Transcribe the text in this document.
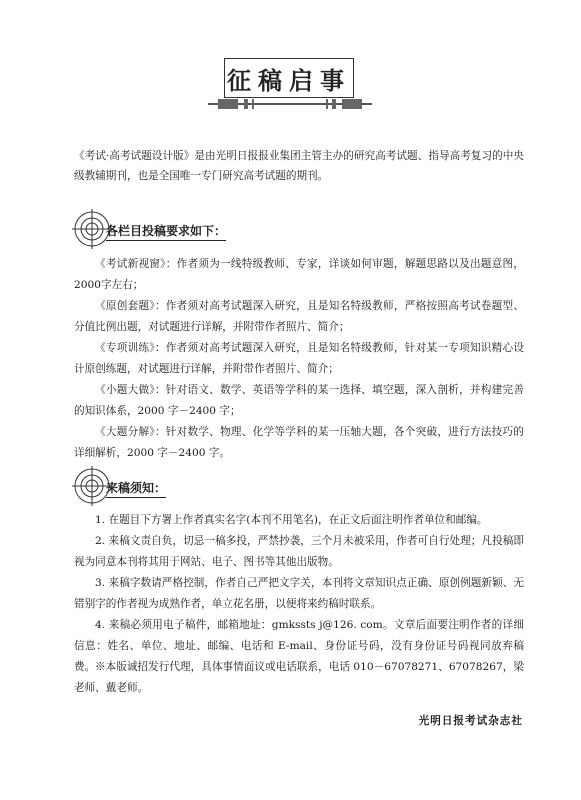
征稿启事

《考试·高考试题设计版》是由光明日报报业集团主管主办的研究高考试题、指导高考复习的中央级教辅期刊，也是全国唯一专门研究高考试题的期刊。

各栏目投稿要求如下：

《考试新视窗》：作者须为一线特级教师、专家，详谈如何审题，解题思路以及出题意图，2000字左右；

《原创套题》：作者须对高考试题深入研究，且是知名特级教师，严格按照高考试卷题型、分值比例出题，对试题进行详解，并附带作者照片、简介；

《专项训练》：作者须对高考试题深入研究，且是知名特级教师，针对某一专项知识精心设计原创练题，对试题进行详解，并附带作者照片、简介；

《小题大做》：针对语文、数学、英语等学科的某一选择、填空题，深入剖析，并构建完善的知识体系，2000 字－2400 字；

《大题分解》：针对数学、物理、化学等学科的某一压轴大题，各个突破，进行方法技巧的详细解析，2000 字－2400 字。

来稿须知：

1. 在题目下方署上作者真实名字(本刊不用笔名)，在正文后面注明作者单位和邮编。

2. 来稿文责自负，切忌一稿多投，严禁抄袭，三个月未被采用，作者可自行处理；凡投稿即视为同意本刊将其用于网站、电子、图书等其他出版物。

3. 来稿字数请严格控制，作者自己严把文字关，本刊将文章知识点正确、原创例题新颖、无错别字的作者视为成熟作者，单立花名册，以便将来约稿时联系。

4. 来稿必须用电子稿件，邮箱地址：gmkssts j@126. com。文章后面要注明作者的详细信息：姓名、单位、地址、邮编、电话和 E-mail、身份证号码，没有身份证号码视同放弃稿费。 ※本版诚招发行代理，具体事情面议或电话联系，电话 010－67078271、67078267，梁老师、戴老师。

光明日报考试杂志社
